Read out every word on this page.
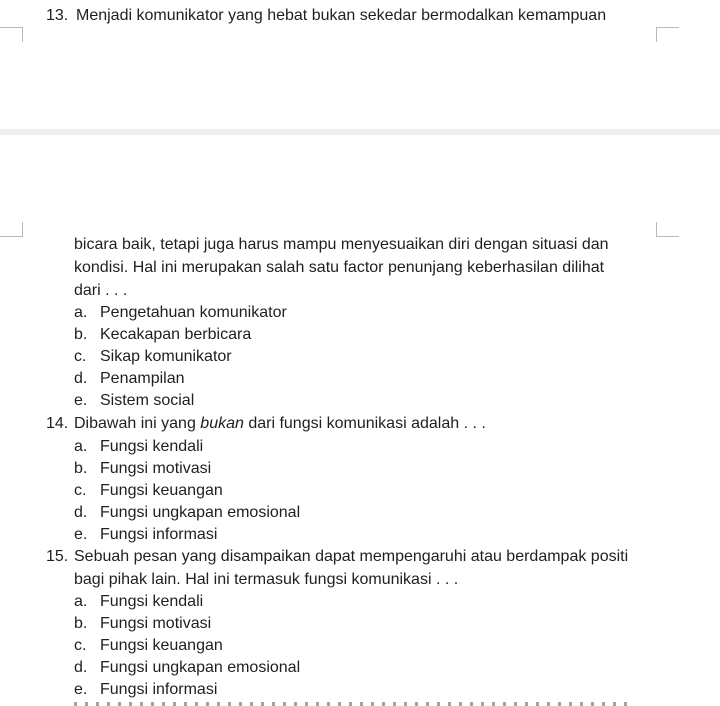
13. Menjadi komunikator yang hebat bukan sekedar bermodalkan kemampuan
bicara baik, tetapi juga harus mampu menyesuaikan diri dengan situasi dan
kondisi. Hal ini merupakan salah satu factor penunjang keberhasilan dilihat
dari . . .
a. Pengetahuan komunikator
b. Kecakapan berbicara
c. Sikap komunikator
d. Penampilan
e. Sistem social
14. Dibawah ini yang bukan dari fungsi komunikasi adalah . . .
a. Fungsi kendali
b. Fungsi motivasi
c. Fungsi keuangan
d. Fungsi ungkapan emosional
e. Fungsi informasi
15. Sebuah pesan yang disampaikan dapat mempengaruhi atau berdampak positi
bagi pihak lain. Hal ini termasuk fungsi komunikasi . . .
a. Fungsi kendali
b. Fungsi motivasi
c. Fungsi keuangan
d. Fungsi ungkapan emosional
e. Fungsi informasi
